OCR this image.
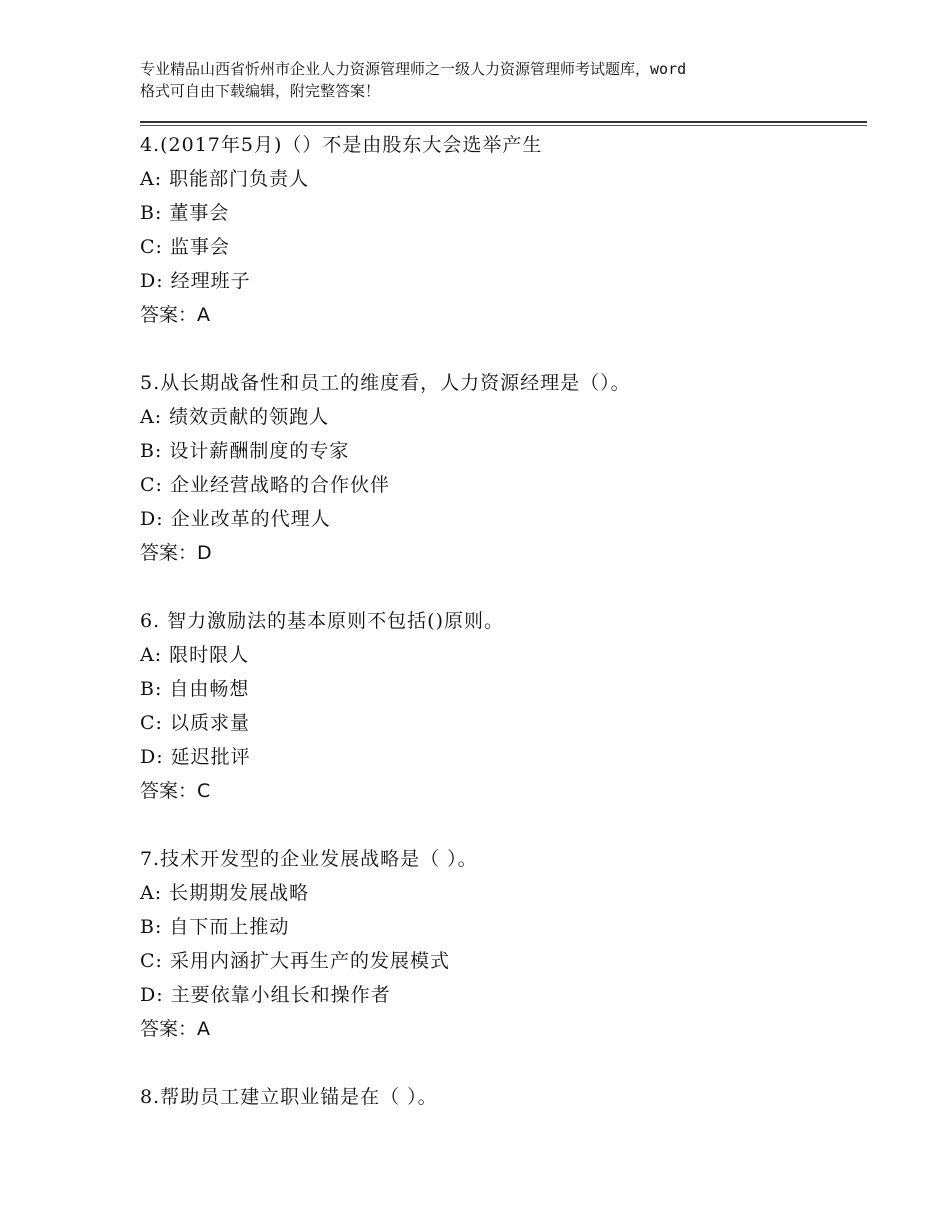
专业精品山西省忻州市企业人力资源管理师之一级人力资源管理师考试题库，word
格式可自由下载编辑，附完整答案！
4.(2017年5月)（）不是由股东大会选举产生
A: 职能部门负责人
B: 董事会
C: 监事会
D: 经理班子
答案：A
5.从长期战备性和员工的维度看，人力资源经理是（）。
A: 绩效贡献的领跑人
B: 设计薪酬制度的专家
C: 企业经营战略的合作伙伴
D: 企业改革的代理人
答案：D
6. 智力激励法的基本原则不包括()原则。
A: 限时限人
B: 自由畅想
C: 以质求量
D: 延迟批评
答案：C
7.技术开发型的企业发展战略是（ ）。
A: 长期期发展战略
B: 自下而上推动
C: 采用内涵扩大再生产的发展模式
D: 主要依靠小组长和操作者
答案：A
8.帮助员工建立职业锚是在（ ）。
